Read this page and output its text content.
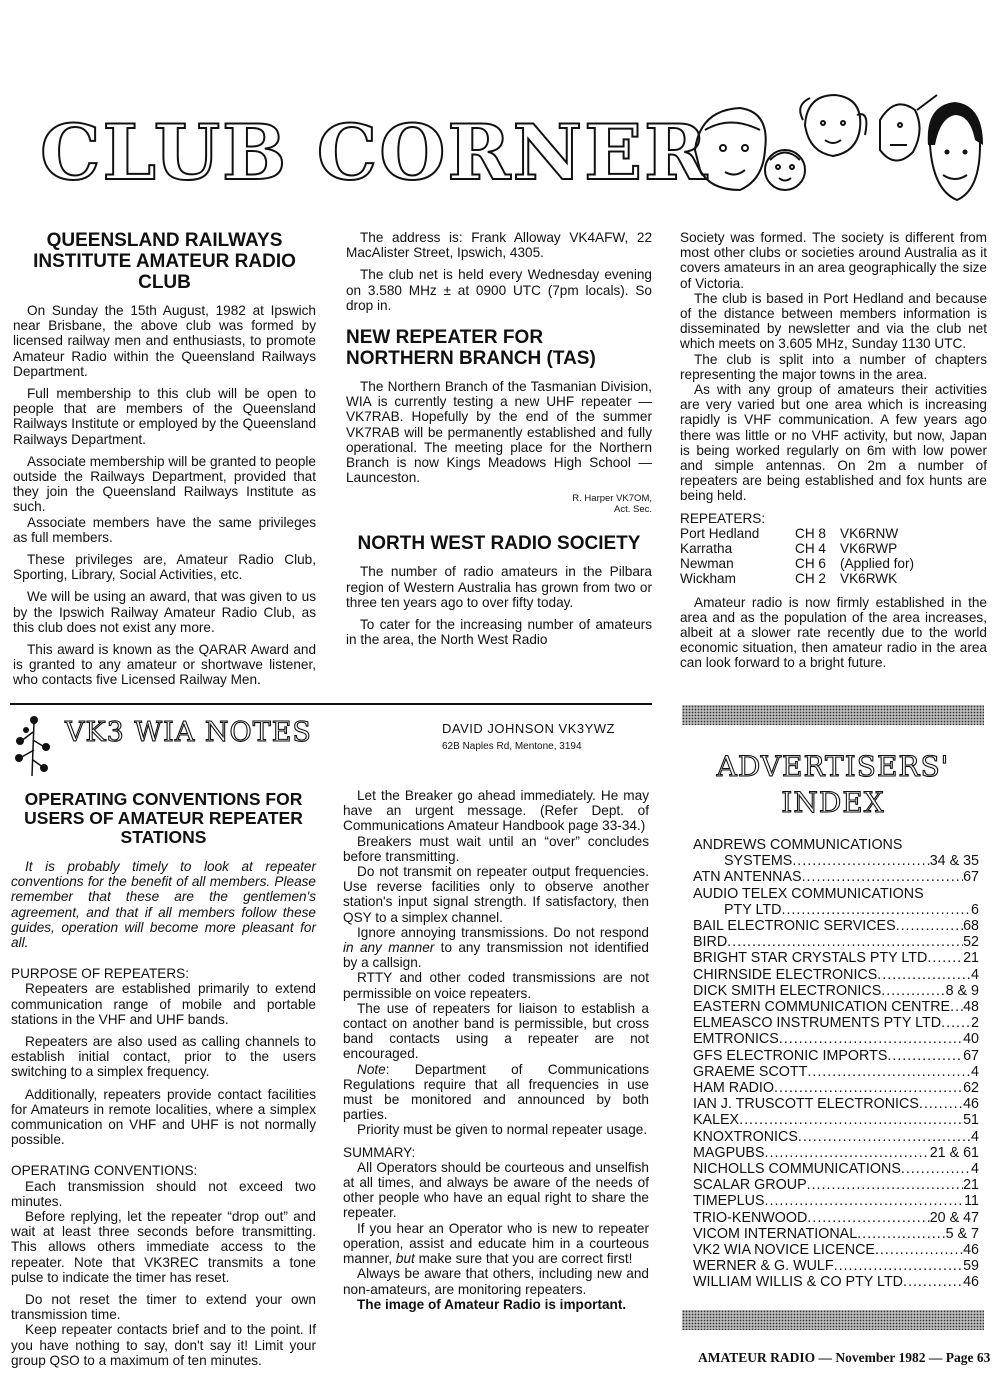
CLUB CORNER
QUEENSLAND RAILWAYS INSTITUTE AMATEUR RADIO CLUB

On Sunday the 15th August, 1982 at Ipswich near Brisbane, the above club was formed by licensed railway men and enthusiasts, to promote Amateur Radio within the Queensland Railways Department.

Full membership to this club will be open to people that are members of the Queensland Railways Institute or employed by the Queensland Railways Department.

Associate membership will be granted to people outside the Railways Department, provided that they join the Queensland Railways Institute as such.

Associate members have the same privileges as full members.

These privileges are, Amateur Radio Club, Sporting, Library, Social Activities, etc.

We will be using an award, that was given to us by the Ipswich Railway Amateur Radio Club, as this club does not exist any more.

This award is known as the QARAR Award and is granted to any amateur or shortwave listener, who contacts five Licensed Railway Men.

The address is: Frank Alloway VK4AFW, 22 MacAlister Street, Ipswich, 4305.

The club net is held every Wednesday evening on 3.580 MHz ± at 0900 UTC (7pm locals). So drop in.

NEW REPEATER FOR NORTHERN BRANCH (TAS)

The Northern Branch of the Tasmanian Division, WIA is currently testing a new UHF repeater — VK7RAB. Hopefully by the end of the summer VK7RAB will be permanently established and fully operational. The meeting place for the Northern Branch is now Kings Meadows High School — Launceston.

R. Harper VK7OM,
Act. Sec.
NORTH WEST RADIO SOCIETY

The number of radio amateurs in the Pilbara region of Western Australia has grown from two or three ten years ago to over fifty today.

To cater for the increasing number of amateurs in the area, the North West Radio

Society was formed. The society is different from most other clubs or societies around Australia as it covers amateurs in an area geographically the size of Victoria.

The club is based in Port Hedland and because of the distance between members information is disseminated by newsletter and via the club net which meets on 3.605 MHz, Sunday 1130 UTC.

The club is split into a number of chapters representing the major towns in the area.

As with any group of amateurs their activities are very varied but one area which is increasing rapidly is VHF communication. A few years ago there was little or no VHF activity, but now, Japan is being worked regularly on 6m with low power and simple antennas. On 2m a number of repeaters are being established and fox hunts are being held.

REPEATERS:
Port Hedland	CH 8	VK6RNW
Karratha	CH 4	VK6RWP
Newman	CH 6	(Applied for)
Wickham	CH 2	VK6RWK

Amateur radio is now firmly established in the area and as the population of the area increases, albeit at a slower rate recently due to the world economic situation, then amateur radio in the area can look forward to a bright future.

VK3 WIA NOTES	DAVID JOHNSON VK3YWZ
62B Naples Rd, Mentone, 3194
OPERATING CONVENTIONS FOR USERS OF AMATEUR REPEATER STATIONS

It is probably timely to look at repeater conventions for the benefit of all members. Please remember that these are the gentlemen's agreement, and that if all members follow these guides, operation will become more pleasant for all.

PURPOSE OF REPEATERS:

Repeaters are established primarily to extend communication range of mobile and portable stations in the VHF and UHF bands.

Repeaters are also used as calling channels to establish initial contact, prior to the users switching to a simplex frequency.

Additionally, repeaters provide contact facilities for Amateurs in remote localities, where a simplex communication on VHF and UHF is not normally possible.

OPERATING CONVENTIONS:

Each transmission should not exceed two minutes.

Before replying, let the repeater “drop out” and wait at least three seconds before transmitting. This allows others immediate access to the repeater. Note that VK3REC transmits a tone pulse to indicate the timer has reset.

Do not reset the timer to extend your own transmission time.

Keep repeater contacts brief and to the point. If you have nothing to say, don't say it! Limit your group QSO to a maximum of ten minutes.

Let the Breaker go ahead immediately. He may have an urgent message. (Refer Dept. of Communications Amateur Handbook page 33-34.)

Breakers must wait until an “over” concludes before transmitting.

Do not transmit on repeater output frequencies. Use reverse facilities only to observe another station's input signal strength. If satisfactory, then QSY to a simplex channel.

Ignore annoying transmissions. Do not respond in any manner to any transmission not identified by a callsign.

RTTY and other coded transmissions are not permissible on voice repeaters.

The use of repeaters for liaison to establish a contact on another band is permissible, but cross band contacts using a repeater are not encouraged.

Note: Department of Communications Regulations require that all frequencies in use must be monitored and announced by both parties.

Priority must be given to normal repeater usage.

SUMMARY:

All Operators should be courteous and unselfish at all times, and always be aware of the needs of other people who have an equal right to share the repeater.

If you hear an Operator who is new to repeater operation, assist and educate him in a courteous manner, but make sure that you are correct first!

Always be aware that others, including new and non-amateurs, are monitoring repeaters.

The image of Amateur Radio is important.

ADVERTISERS'
INDEX
ANDREWS COMMUNICATIONS
SYSTEMS .....	34 & 35
ATN ANTENNAS .....	67
AUDIO TELEX COMMUNICATIONS
PTY LTD .....	6
BAIL ELECTRONIC SERVICES .....	68
BIRD .....	52
BRIGHT STAR CRYSTALS PTY LTD ..... 21
CHIRNSIDE ELECTRONICS .....	4
DICK SMITH ELECTRONICS .....	8 & 9
EASTERN COMMUNICATION CENTRE ..... 48
ELMEASCO INSTRUMENTS PTY LTD ..... 2
EMTRONICS .....	40
GFS ELECTRONIC IMPORTS .....	67
GRAEME SCOTT .....	4
HAM RADIO .....	62
IAN J. TRUSCOTT ELECTRONICS .....	46
KALEX .....	51
KNOXTRONICS .....	4
MAGPUBS .....	21 & 61
NICHOLLS COMMUNICATIONS .....	4
SCALAR GROUP .....	21
TIMEPLUS .....	11
TRIO-KENWOOD .....	20 & 47
VICOM INTERNATIONAL .....	5 & 7
VK2 WIA NOVICE LICENCE .....	46
WERNER & G. WULF .....	59
WILLIAM WILLIS & CO PTY LTD .....	46
AMATEUR RADIO — November 1982 — Page 63
